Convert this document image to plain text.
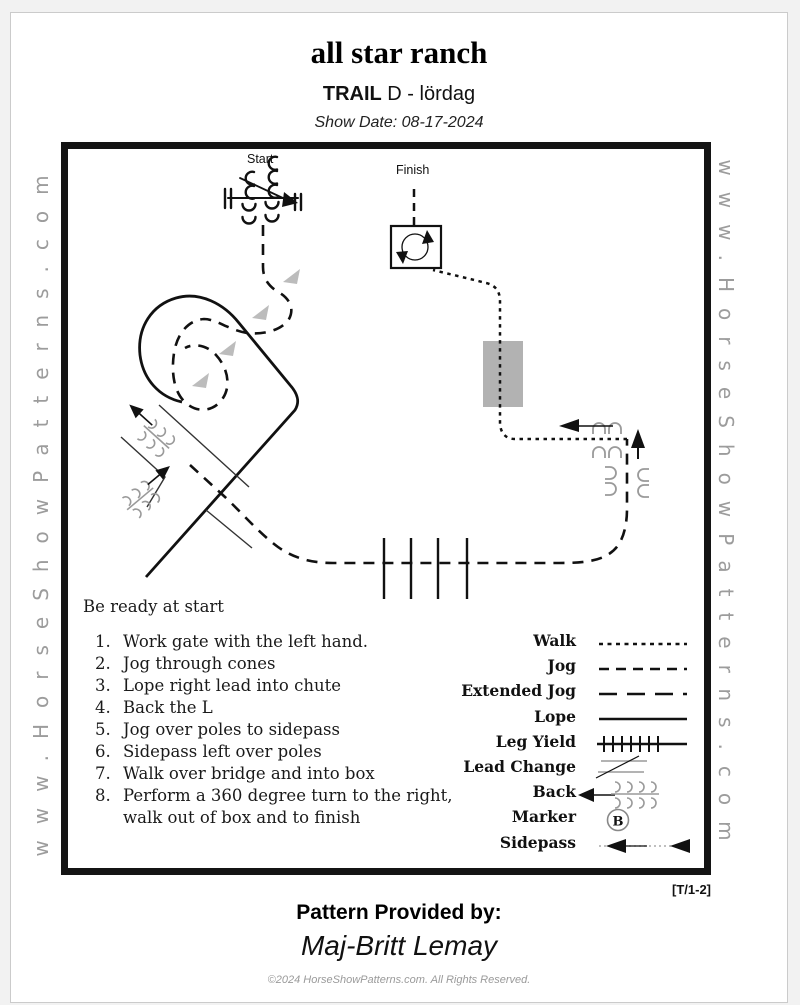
all star ranch
TRAIL D - lördag
Show Date: 08-17-2024
www.HorseShowPatterns.com	www.HorseShowPatterns.com
Start
Finish
B
Be ready at start
1. Work gate with the left hand.
2. Jog through cones
3. Lope right lead into chute
4. Back the L
5. Jog over poles to sidepass
6. Sidepass left over poles
7. Walk over bridge and into box
8. Perform a 360 degree turn to the right, walk out of box and to finish
Walk
Jog
Extended Jog
Lope
Leg Yield
Lead Change
Back
Marker
Sidepass
[T/1-2]
Pattern Provided by:
Maj-Britt Lemay
©2024 HorseShowPatterns.com. All Rights Reserved.
